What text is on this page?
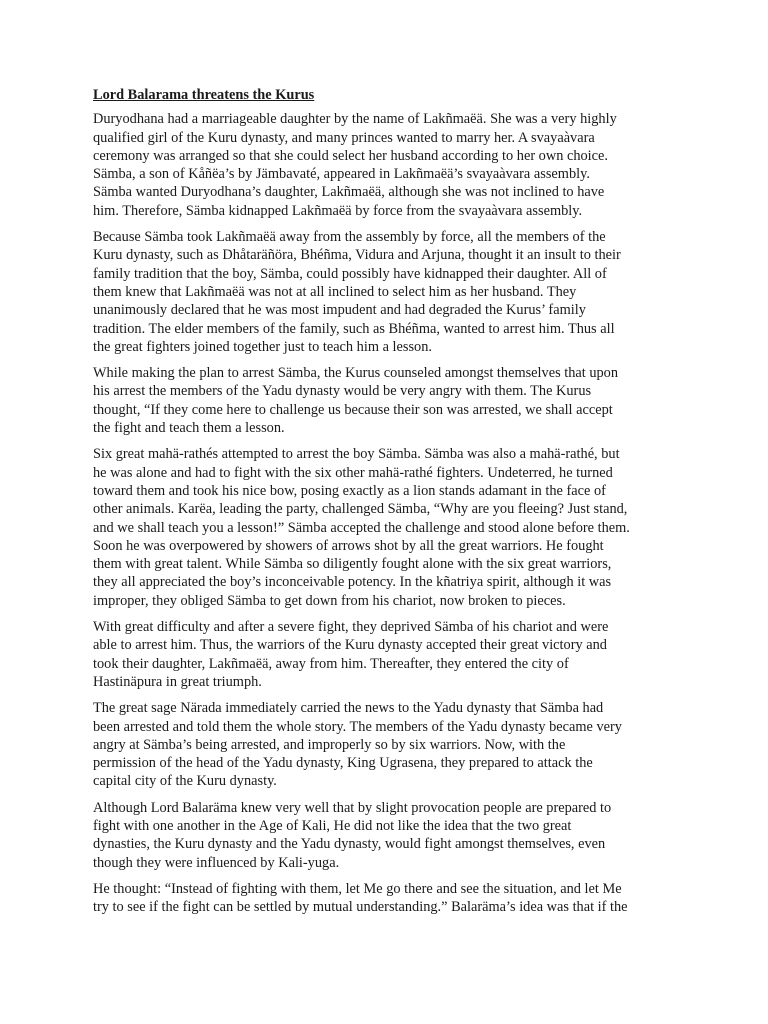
Lord Balarama threatens the Kurus
Duryodhana had a marriageable daughter by the name of Lakñmaëä. She was a very highly
qualified girl of the Kuru dynasty, and many princes wanted to marry her. A svayaàvara
ceremony was arranged so that she could select her husband according to her own choice.
Sämba, a son of Kåñëa’s by Jämbavaté, appeared in Lakñmaëä’s svayaàvara assembly.
Sämba wanted Duryodhana’s daughter, Lakñmaëä, although she was not inclined to have
him. Therefore, Sämba kidnapped Lakñmaëä by force from the svayaàvara assembly.
Because Sämba took Lakñmaëä away from the assembly by force, all the members of the
Kuru dynasty, such as Dhåtaräñöra, Bhéñma, Vidura and Arjuna, thought it an insult to their
family tradition that the boy, Sämba, could possibly have kidnapped their daughter. All of
them knew that Lakñmaëä was not at all inclined to select him as her husband. They
unanimously declared that he was most impudent and had degraded the Kurus’ family
tradition. The elder members of the family, such as Bhéñma, wanted to arrest him. Thus all
the great fighters joined together just to teach him a lesson.
While making the plan to arrest Sämba, the Kurus counseled amongst themselves that upon
his arrest the members of the Yadu dynasty would be very angry with them. The Kurus
thought, “If they come here to challenge us because their son was arrested, we shall accept
the fight and teach them a lesson.
Six great mahä-rathés attempted to arrest the boy Sämba. Sämba was also a mahä-rathé, but
he was alone and had to fight with the six other mahä-rathé fighters. Undeterred, he turned
toward them and took his nice bow, posing exactly as a lion stands adamant in the face of
other animals. Karëa, leading the party, challenged Sämba, “Why are you fleeing? Just stand,
and we shall teach you a lesson!” Sämba accepted the challenge and stood alone before them.
Soon he was overpowered by showers of arrows shot by all the great warriors. He fought
them with great talent. While Sämba so diligently fought alone with the six great warriors,
they all appreciated the boy’s inconceivable potency. In the kñatriya spirit, although it was
improper, they obliged Sämba to get down from his chariot, now broken to pieces.
With great difficulty and after a severe fight, they deprived Sämba of his chariot and were
able to arrest him. Thus, the warriors of the Kuru dynasty accepted their great victory and
took their daughter, Lakñmaëä, away from him. Thereafter, they entered the city of
Hastinäpura in great triumph.
The great sage Närada immediately carried the news to the Yadu dynasty that Sämba had
been arrested and told them the whole story. The members of the Yadu dynasty became very
angry at Sämba’s being arrested, and improperly so by six warriors. Now, with the
permission of the head of the Yadu dynasty, King Ugrasena, they prepared to attack the
capital city of the Kuru dynasty.
Although Lord Balaräma knew very well that by slight provocation people are prepared to
fight with one another in the Age of Kali, He did not like the idea that the two great
dynasties, the Kuru dynasty and the Yadu dynasty, would fight amongst themselves, even
though they were influenced by Kali-yuga.
He thought: “Instead of fighting with them, let Me go there and see the situation, and let Me
try to see if the fight can be settled by mutual understanding.” Balaräma’s idea was that if the
